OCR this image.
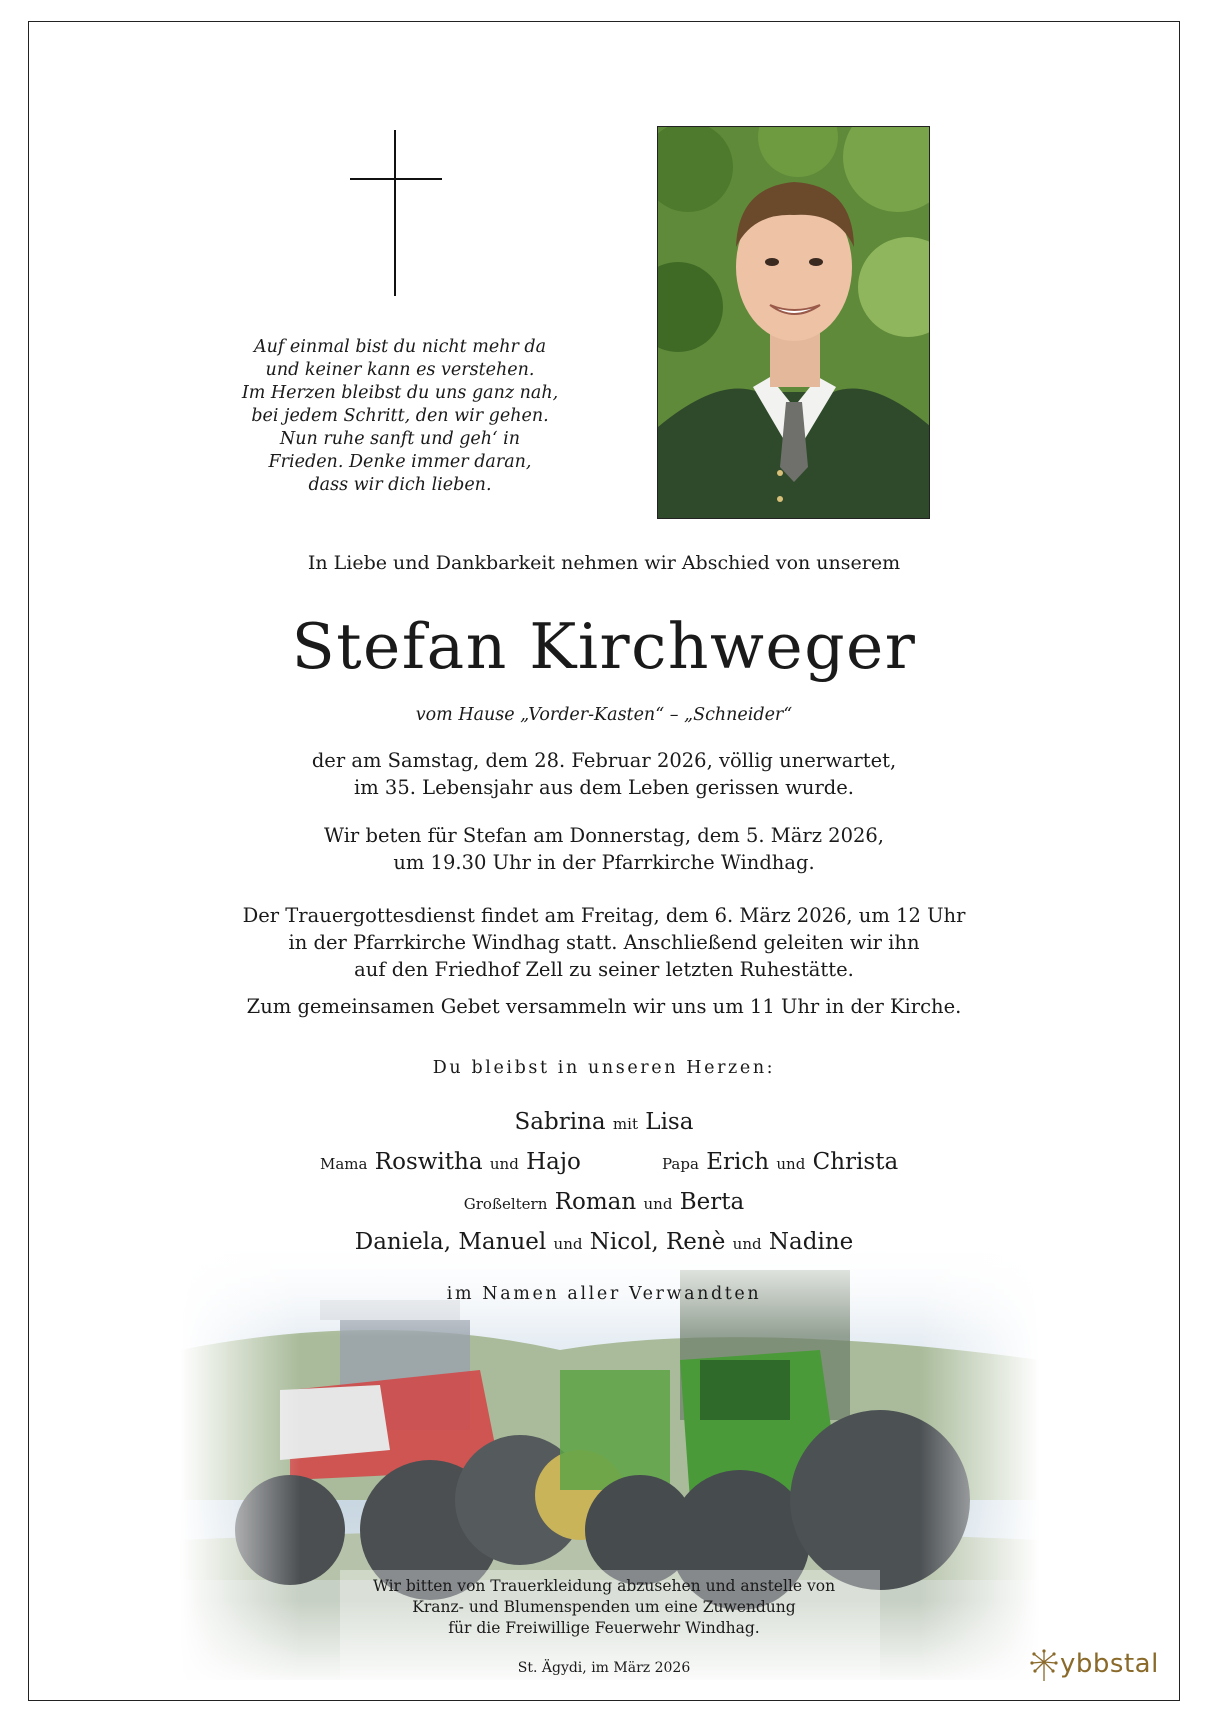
Auf einmal bist du nicht mehr da
und keiner kann es verstehen.
Im Herzen bleibst du uns ganz nah,
bei jedem Schritt, den wir gehen.
Nun ruhe sanft und geh‘ in
Frieden. Denke immer daran,
dass wir dich lieben.
In Liebe und Dankbarkeit nehmen wir Abschied von unserem
Stefan Kirchweger
vom Hause „Vorder-Kasten“ – „Schneider“
der am Samstag, dem 28. Februar 2026, völlig unerwartet,
im 35. Lebensjahr aus dem Leben gerissen wurde.
Wir beten für Stefan am Donnerstag, dem 5. März 2026,
um 19.30 Uhr in der Pfarrkirche Windhag.
Der Trauergottesdienst findet am Freitag, dem 6. März 2026, um 12 Uhr
in der Pfarrkirche Windhag statt. Anschließend geleiten wir ihn
auf den Friedhof Zell zu seiner letzten Ruhestätte.
Zum gemeinsamen Gebet versammeln wir uns um 11 Uhr in der Kirche.
Du bleibst in unseren Herzen:
Sabrina mit Lisa
Mama Roswitha und Hajo	Papa Erich und Christa
Großeltern Roman und Berta
Daniela, Manuel und Nicol, Renè und Nadine
im Namen aller Verwandten
Wir bitten von Trauerkleidung abzusehen und anstelle von
Kranz- und Blumenspenden um eine Zuwendung
für die Freiwillige Feuerwehr Windhag.
St. Ägydi, im März 2026	ybbstal
